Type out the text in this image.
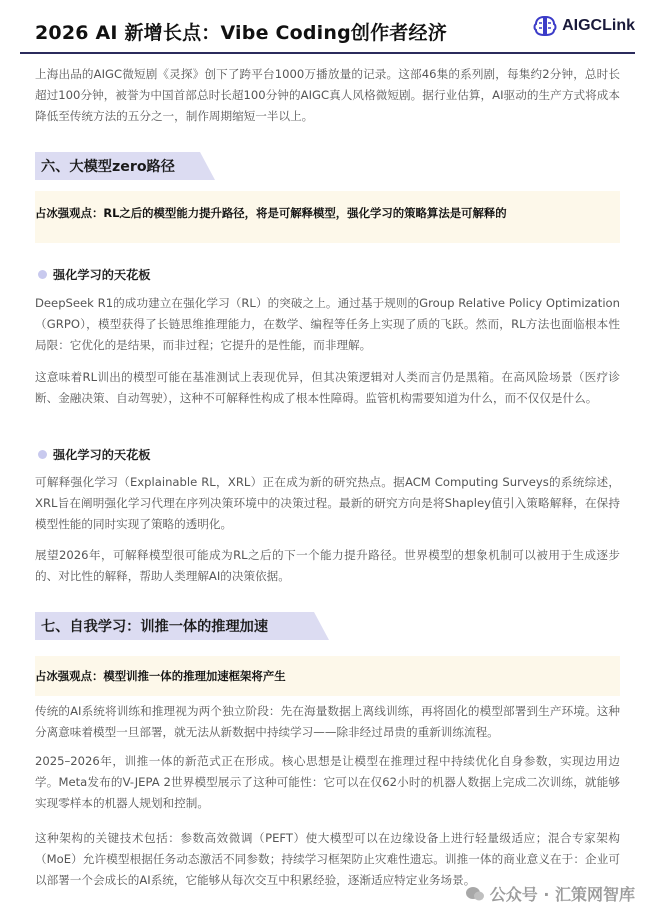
2026 AI 新增长点：Vibe Coding创作者经济	AIGCLink
上海出品的AIGC微短剧《灵探》创下了跨平台1000万播放量的记录。这部46集的系列剧，每集约2分钟，总时长超过100分钟，被誉为中国首部总时长超100分钟的AIGC真人风格微短剧。据行业估算，AI驱动的生产方式将成本降低至传统方法的五分之一，制作周期缩短一半以上。
六、大模型zero路径
占冰强观点：RL之后的模型能力提升路径，将是可解释模型，强化学习的策略算法是可解释的
强化学习的天花板
DeepSeek R1的成功建立在强化学习（RL）的突破之上。通过基于规则的Group Relative Policy Optimization（GRPO），模型获得了长链思维推理能力，在数学、编程等任务上实现了质的飞跃。然而，RL方法也面临根本性局限：它优化的是结果，而非过程；它提升的是性能，而非理解。
这意味着RL训出的模型可能在基准测试上表现优异，但其决策逻辑对人类而言仍是黑箱。在高风险场景（医疗诊断、金融决策、自动驾驶），这种不可解释性构成了根本性障碍。监管机构需要知道为什么，而不仅仅是什么。
强化学习的天花板
可解释强化学习（Explainable RL，XRL）正在成为新的研究热点。据ACM Computing Surveys的系统综述，XRL旨在阐明强化学习代理在序列决策环境中的决策过程。最新的研究方向是将Shapley值引入策略解释，在保持模型性能的同时实现了策略的透明化。
展望2026年，可解释模型很可能成为RL之后的下一个能力提升路径。世界模型的想象机制可以被用于生成逐步的、对比性的解释，帮助人类理解AI的决策依据。
七、自我学习：训推一体的推理加速
占冰强观点：模型训推一体的推理加速框架将产生
传统的AI系统将训练和推理视为两个独立阶段：先在海量数据上离线训练，再将固化的模型部署到生产环境。这种分离意味着模型一旦部署，就无法从新数据中持续学习——除非经过昂贵的重新训练流程。
2025–2026年，训推一体的新范式正在形成。核心思想是让模型在推理过程中持续优化自身参数，实现边用边学。Meta发布的V-JEPA 2世界模型展示了这种可能性：它可以在仅62小时的机器人数据上完成二次训练，就能够实现零样本的机器人规划和控制。
这种架构的关键技术包括：参数高效微调（PEFT）使大模型可以在边缘设备上进行轻量级适应；混合专家架构（MoE）允许模型根据任务动态激活不同参数；持续学习框架防止灾难性遗忘。训推一体的商业意义在于：企业可以部署一个会成长的AI系统，它能够从每次交互中积累经验，逐渐适应特定业务场景。
公众号 · 汇策网智库
